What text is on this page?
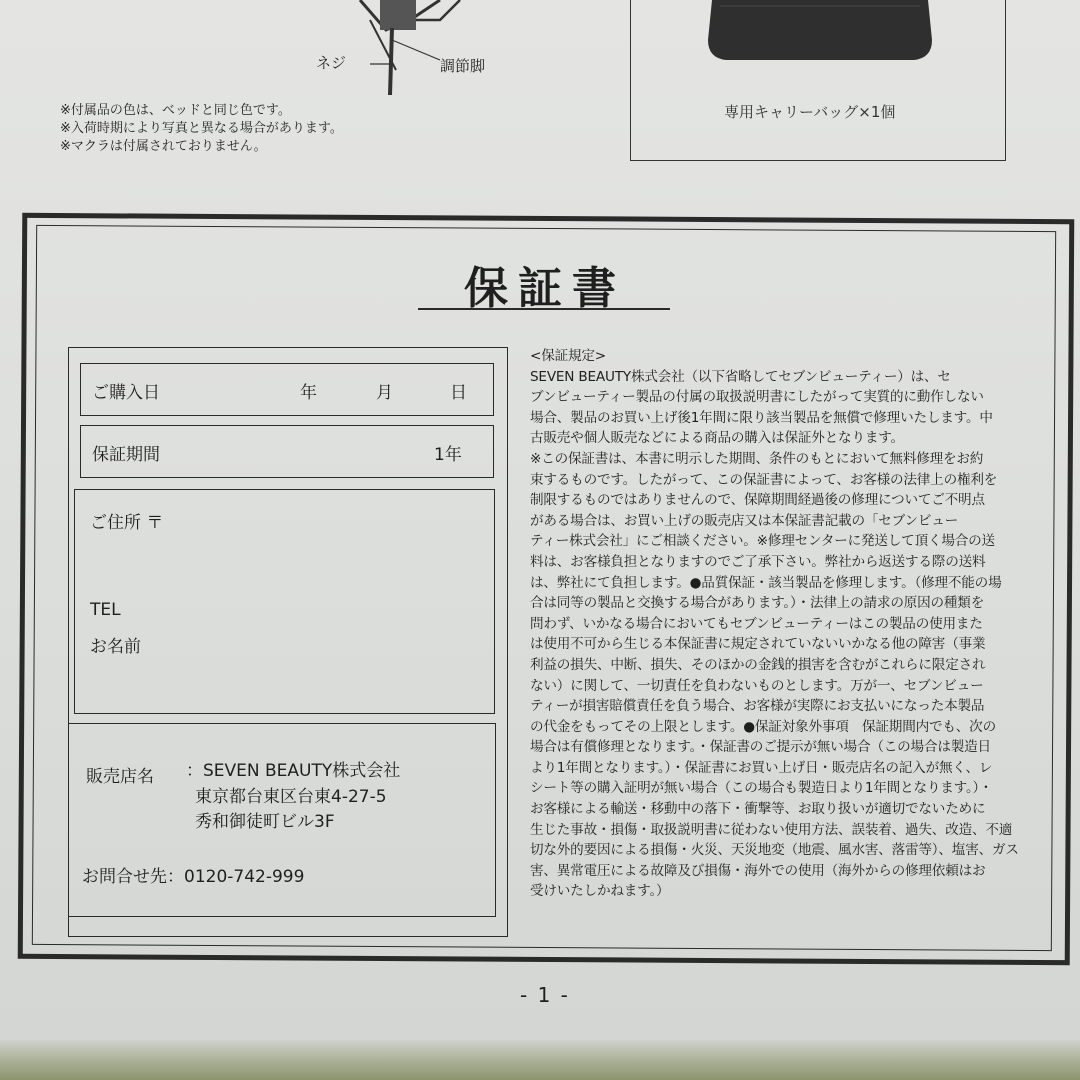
ネジ	調節脚
※付属品の色は、ベッドと同じ色です。
※入荷時期により写真と異なる場合があります。
※マクラは付属されておりません。
専用キャリーバッグ×1個
保証書
ご購入日	年	月	日
保証期間	1年
ご住所 〒
TEL
お名前
販売店名 ：SEVEN BEAUTY株式会社
東京都台東区台東4-27-5
秀和御徒町ビル3F
お問合せ先：0120-742-999
<保証規定>
SEVEN BEAUTY株式会社（以下省略してセブンビューティー）は、セ
ブンビューティー製品の付属の取扱説明書にしたがって実質的に動作しない
場合、製品のお買い上げ後1年間に限り該当製品を無償で修理いたします。中
古販売や個人販売などによる商品の購入は保証外となります。
※この保証書は、本書に明示した期間、条件のもとにおいて無料修理をお約
束するものです。したがって、この保証書によって、お客様の法律上の権利を
制限するものではありませんので、保障期間経過後の修理についてご不明点
がある場合は、お買い上げの販売店又は本保証書記載の「セブンビュー
ティー株式会社」にご相談ください。※修理センターに発送して頂く場合の送
料は、お客様負担となりますのでご了承下さい。弊社から返送する際の送料
は、弊社にて負担します。●品質保証・該当製品を修理します。（修理不能の場
合は同等の製品と交換する場合があります。）・法律上の請求の原因の種類を
問わず、いかなる場合においてもセブンビューティーはこの製品の使用また
は使用不可から生じる本保証書に規定されていないいかなる他の障害（事業
利益の損失、中断、損失、そのほかの金銭的損害を含むがこれらに限定され
ない）に関して、一切責任を負わないものとします。万が一、セブンビュー
ティーが損害賠償責任を負う場合、お客様が実際にお支払いになった本製品
の代金をもってその上限とします。●保証対象外事項　保証期間内でも、次の
場合は有償修理となります。・保証書のご提示が無い場合（この場合は製造日
より1年間となります。）・保証書にお買い上げ日・販売店名の記入が無く、レ
シート等の購入証明が無い場合（この場合も製造日より1年間となります。）・
お客様による輸送・移動中の落下・衝撃等、お取り扱いが適切でないために
生じた事故・損傷・取扱説明書に従わない使用方法、誤装着、過失、改造、不適
切な外的要因による損傷・火災、天災地変（地震、風水害、落雷等）、塩害、ガス
害、異常電圧による故障及び損傷・海外での使用（海外からの修理依頼はお
受けいたしかねます。）
- 1 -
